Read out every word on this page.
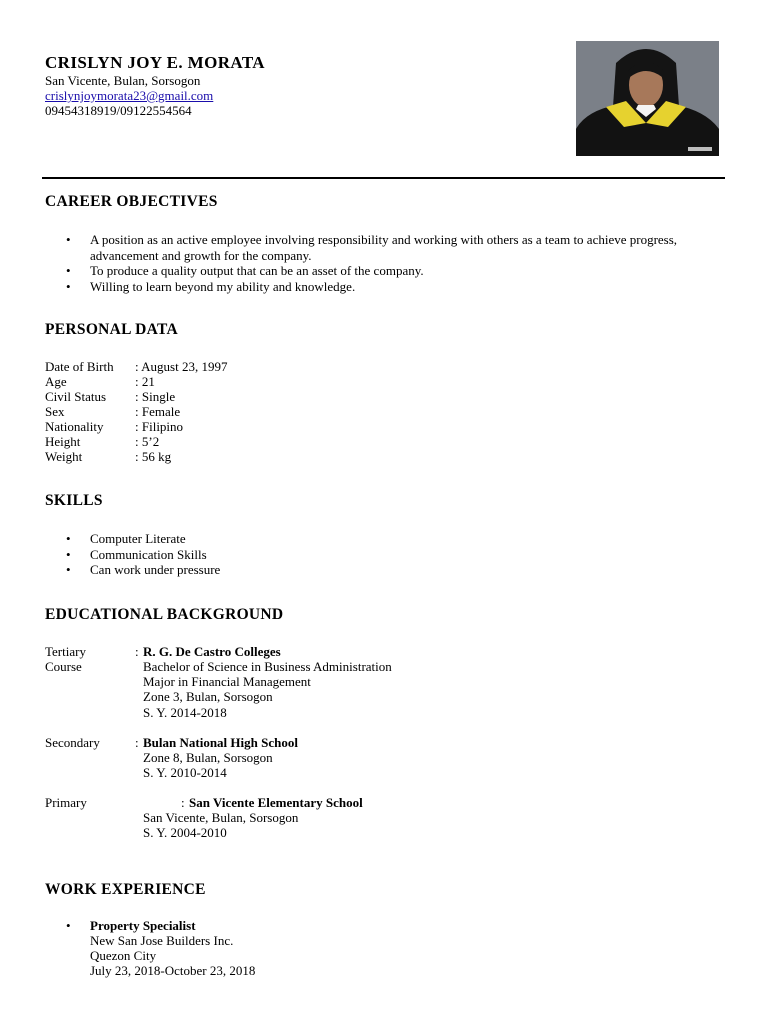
CRISLYN JOY E. MORATA
San Vicente, Bulan, Sorsogon
crislynjoymorata23@gmail.com
09454318919/09122554564
CAREER OBJECTIVES
• A position as an active employee involving responsibility and working with others as a team to achieve progress, advancement and growth for the company.
• To produce a quality output that can be an asset of the company.
• Willing to learn beyond my ability and knowledge.
PERSONAL DATA
Date of Birth : August 23, 1997
Age	: 21
Civil Status : Single
Sex	: Female
Nationality : Filipino
Height	: 5’2
Weight	: 56 kg
SKILLS
• Computer Literate
• Communication Skills
• Can work under pressure
EDUCATIONAL BACKGROUND
Tertiary	: R. G. De Castro Colleges
Course	Bachelor of Science in Business Administration
Major in Financial Management
Zone 3, Bulan, Sorsogon
S. Y. 2014-2018
Secondary	: Bulan National High School
Zone 8, Bulan, Sorsogon
S. Y. 2010-2014
Primary	: San Vicente Elementary School
San Vicente, Bulan, Sorsogon
S. Y. 2004-2010
WORK EXPERIENCE
• Property Specialist
New San Jose Builders Inc.
Quezon City
July 23, 2018-October 23, 2018
